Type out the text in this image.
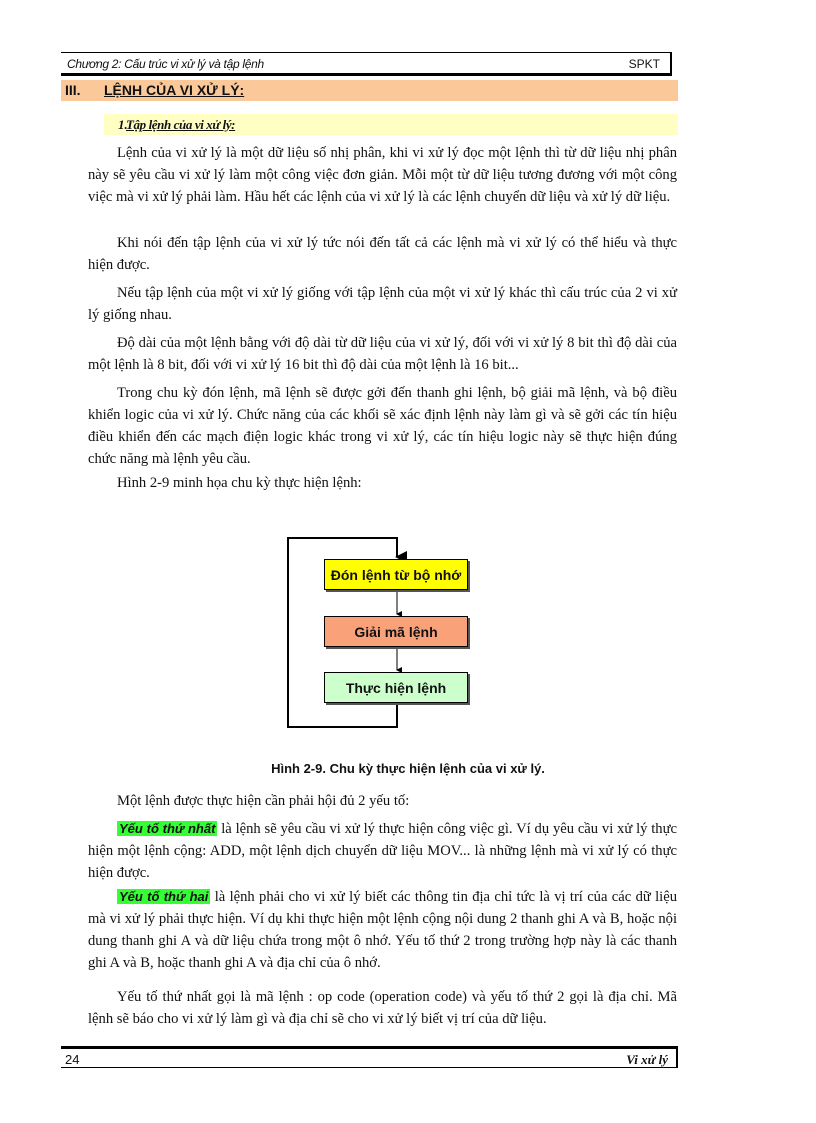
Chương 2: Cấu trúc vi xử lý và tập lệnh	SPKT
III. LỆNH CỦA VI XỬ LÝ:
1.
Tập lệnh của vi xử lý:

Lệnh của vi xử lý là một dữ liệu số nhị phân, khi vi xử lý đọc một lệnh thì từ dữ liệu nhị phân này sẽ yêu cầu vi xử lý làm một công việc đơn giản. Mỗi một từ dữ liệu tương đương với một công việc mà vi xử lý phải làm. Hầu hết các lệnh của vi xử lý là các lệnh chuyển dữ liệu và xử lý dữ liệu.

Khi nói đến tập lệnh của vi xử lý tức nói đến tất cả các lệnh mà vi xử lý có thể hiểu và thực hiện được.

Nếu tập lệnh của một vi xử lý giống với tập lệnh của một vi xử lý khác thì cấu trúc của 2 vi xử lý giống nhau.

Độ dài của một lệnh bằng với độ dài từ dữ liệu của vi xử lý, đối với vi xử lý 8 bit thì độ dài của một lệnh là 8 bit, đối với vi xử lý 16 bit thì độ dài của một lệnh là 16 bit...

Trong chu kỳ đón lệnh, mã lệnh sẽ được gởi đến thanh ghi lệnh, bộ giải mã lệnh, và bộ điều khiển logic của vi xử lý. Chức năng của các khối sẽ xác định lệnh này làm gì và sẽ gởi các tín hiệu điều khiển đến các mạch điện logic khác trong vi xử lý, các tín hiệu logic này sẽ thực hiện đúng chức năng mà lệnh yêu cầu.

Hình 2-9 minh họa chu kỳ thực hiện lệnh:

Đón lệnh từ bộ nhớ
Giải mã lệnh
Thực hiện lệnh
Hình 2-9. Chu kỳ thực hiện lệnh của vi xử lý.

Một lệnh được thực hiện cần phải hội đủ 2 yếu tố:

Yếu tố thứ nhất là lệnh sẽ yêu cầu vi xử lý thực hiện công việc gì. Ví dụ yêu cầu vi xử lý thực hiện một lệnh cộng: ADD, một lệnh dịch chuyển dữ liệu MOV... là những lệnh mà vi xử lý có thực hiện được.

Yếu tố thứ hai là lệnh phải cho vi xử lý biết các thông tin địa chỉ tức là vị trí của các dữ liệu mà vi xử lý phải thực hiện. Ví dụ khi thực hiện một lệnh cộng nội dung 2 thanh ghi A và B, hoặc nội dung thanh ghi A và dữ liệu chứa trong một ô nhớ. Yếu tố thứ 2 trong trường hợp này là các thanh ghi A và B, hoặc thanh ghi A và địa chỉ của ô nhớ.

Yếu tố thứ nhất gọi là mã lệnh : op code (operation code) và yếu tố thứ 2 gọi là địa chỉ. Mã lệnh sẽ báo cho vi xử lý làm gì và địa chỉ sẽ cho vi xử lý biết vị trí của dữ liệu.

24	Vi xử lý
